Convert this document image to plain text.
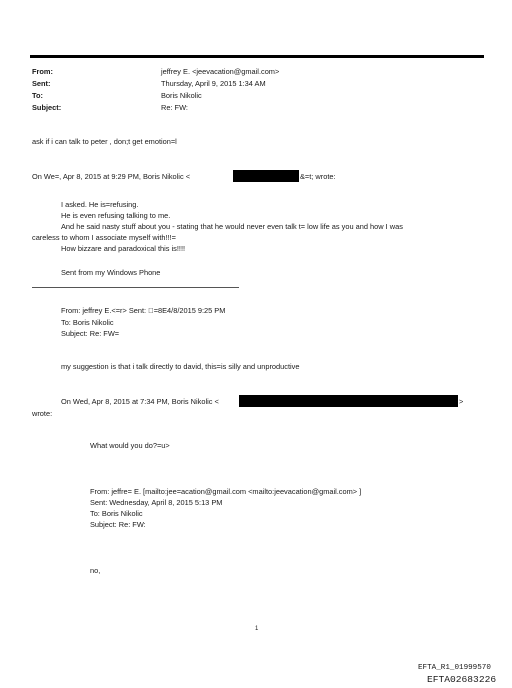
From:	jeffrey E. <jeevacation@gmail.com>
Sent:	Thursday, April 9, 2015 1:34 AM
To:	Boris Nikolic
Subject:	Re: FW:
ask if i can talk to peter , don;t get emotion=l
On We=, Apr 8, 2015 at 9:29 PM, Boris Nikolic <	&=t; wrote:
I asked. He is=refusing.
He is even refusing talking to me.
And he said nasty stuff about you - stating that he would never even talk t= low life as you and how I was
careless to whom I associate myself with!!!=
How bizzare and paradoxical this is!!!!
Sent from my Windows Phone
From: jeffrey E.<=r> Sent:  =8E4/8/2015 9:25 PM
To: Boris Nikolic
Subject: Re: FW=
my suggestion is that i talk directly to david, this=is silly and unproductive
On Wed, Apr 8, 2015 at 7:34 PM, Boris Nikolic <	>
wrote:
What would you do?=u>
From: jeffre= E. [mailto:jee=acation@gmail.com <mailto:jeevacation@gmail.com> ]
Sent: Wednesday, April 8, 2015 5:13 PM
To: Boris Nikolic
Subject: Re: FW:
no,
1
EFTA_R1_01999570
EFTA02683226
